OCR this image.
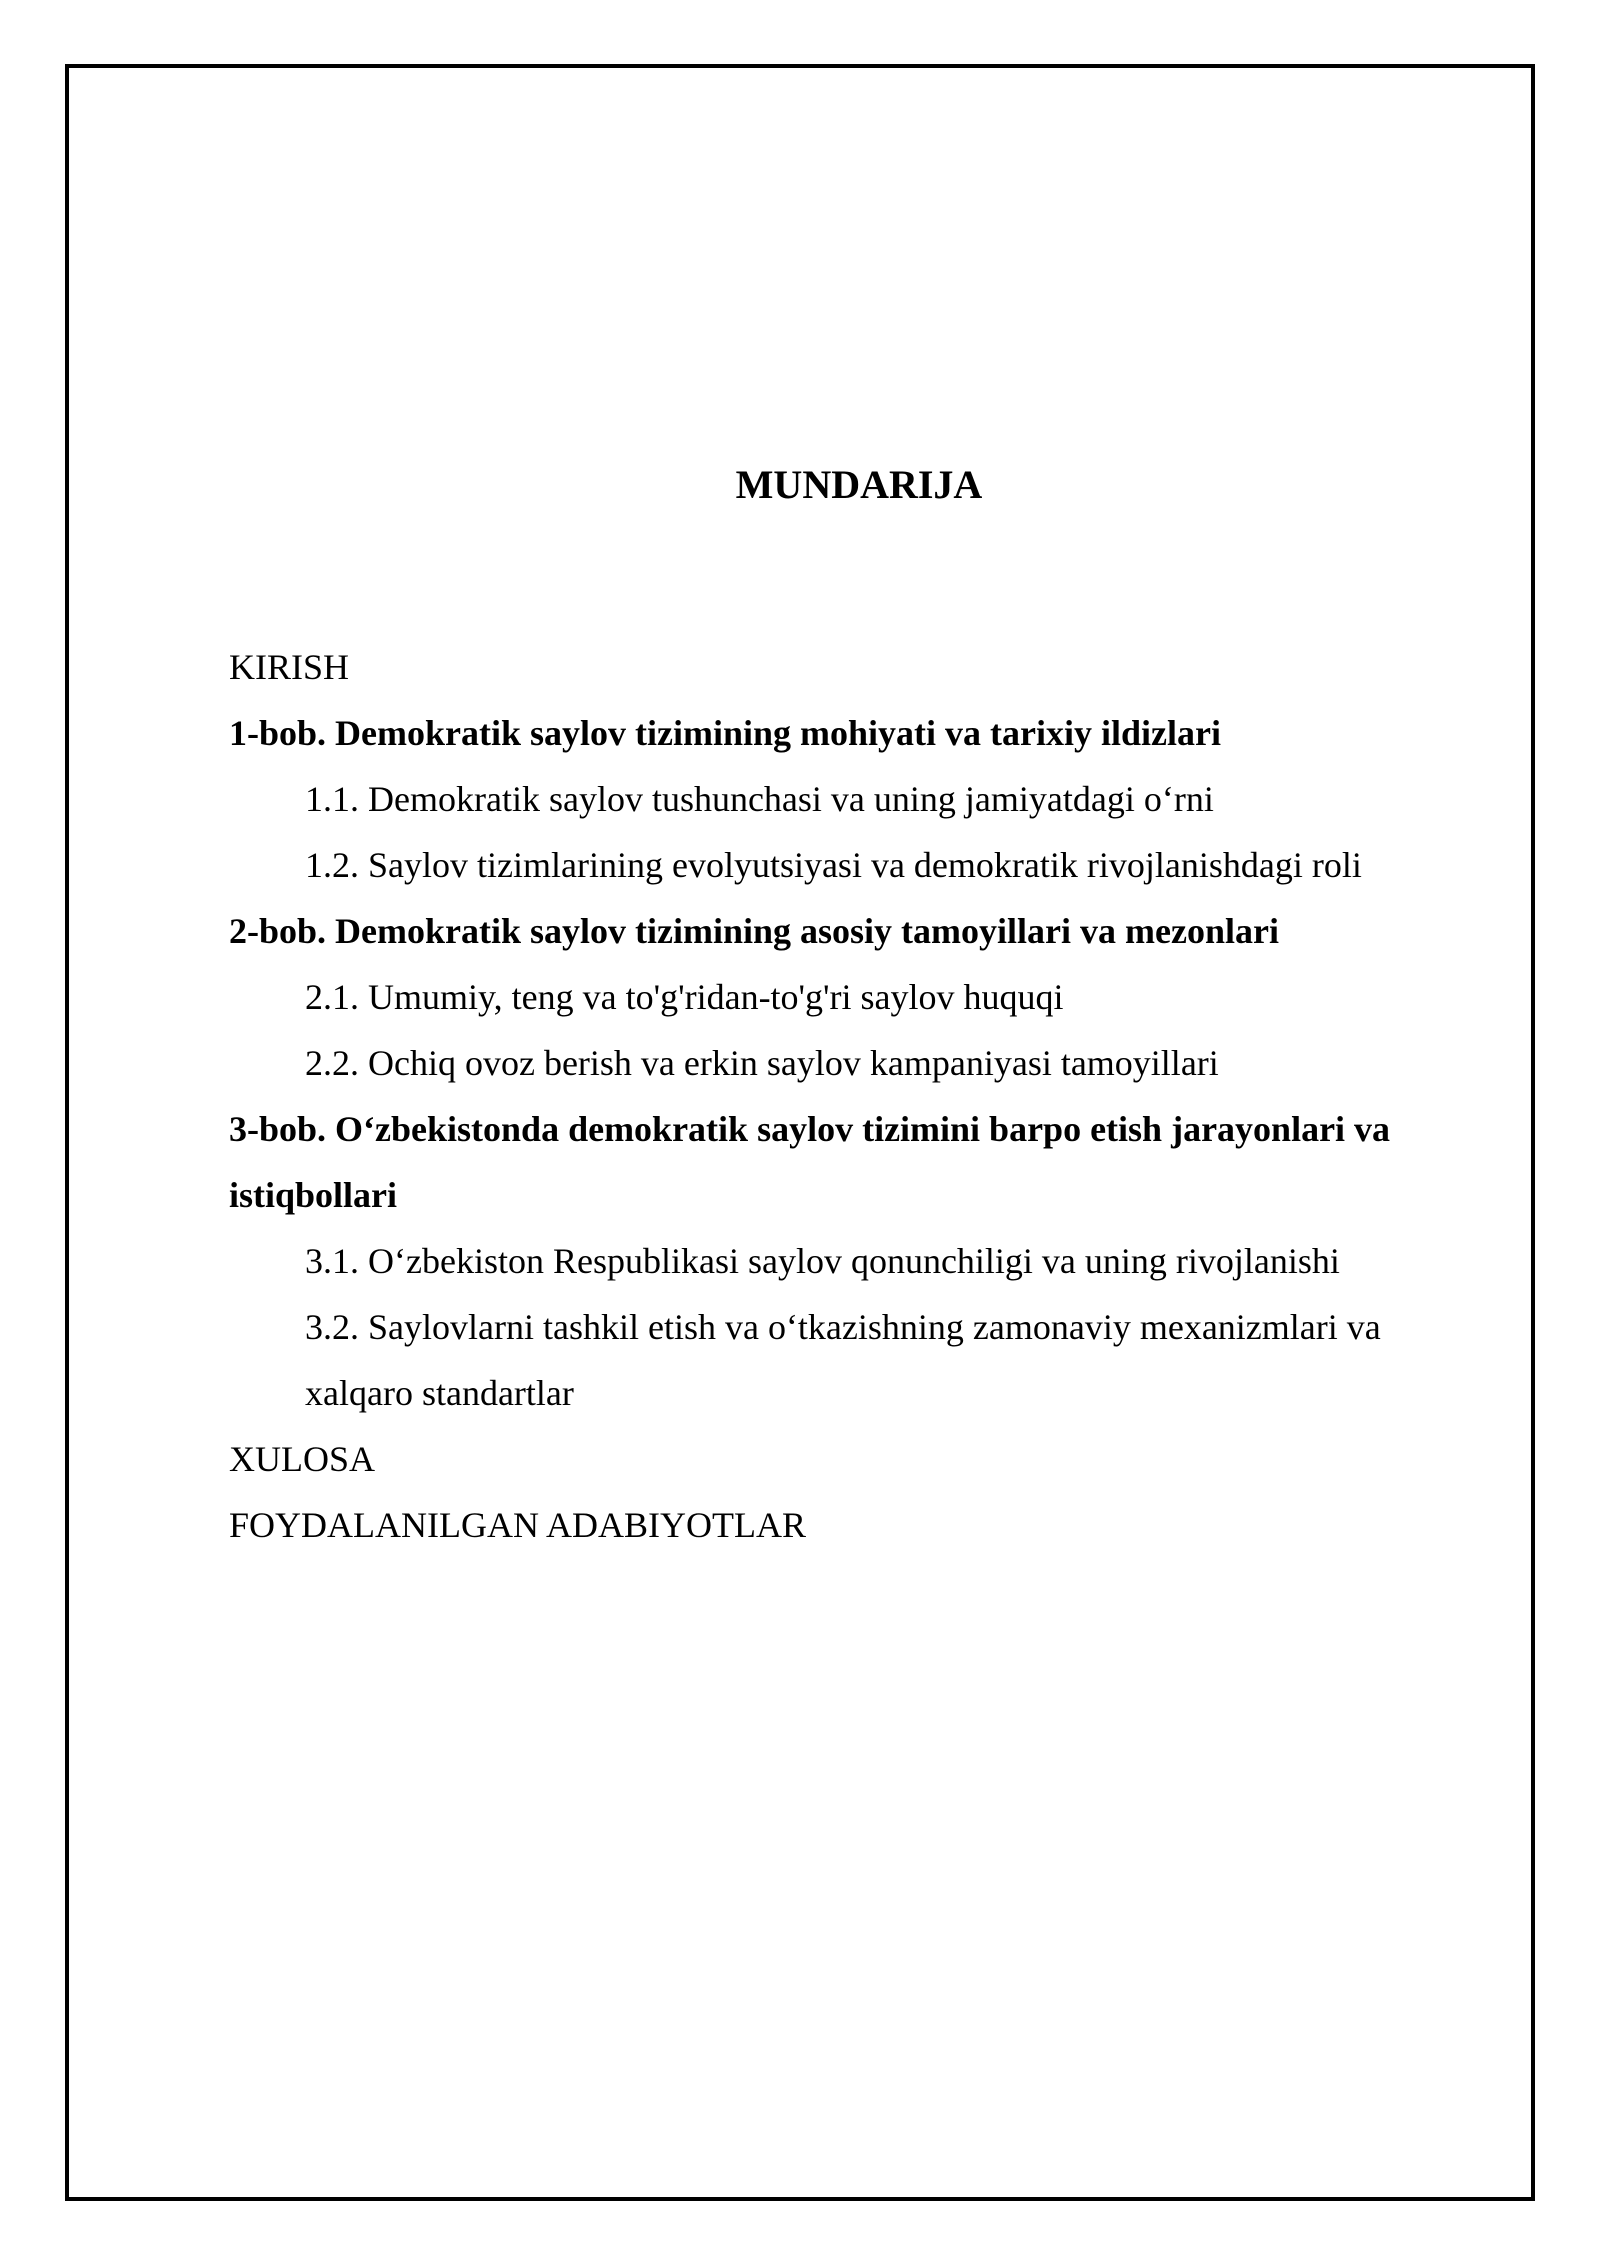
MUNDARIJA

KIRISH

1-bob. Demokratik saylov tizimining mohiyati va tarixiy ildizlari

1.1. Demokratik saylov tushunchasi va uning jamiyatdagi o‘rni

1.2. Saylov tizimlarining evolyutsiyasi va demokratik rivojlanishdagi roli

2-bob. Demokratik saylov tizimining asosiy tamoyillari va mezonlari

2.1. Umumiy, teng va to'g'ridan-to'g'ri saylov huquqi

2.2. Ochiq ovoz berish va erkin saylov kampaniyasi tamoyillari

3-bob. O‘zbekistonda demokratik saylov tizimini barpo etish jarayonlari va istiqbollari

3.1. O‘zbekiston Respublikasi saylov qonunchiligi va uning rivojlanishi

3.2. Saylovlarni tashkil etish va o‘tkazishning zamonaviy mexanizmlari va xalqaro standartlar

XULOSA

FOYDALANILGAN ADABIYOTLAR
